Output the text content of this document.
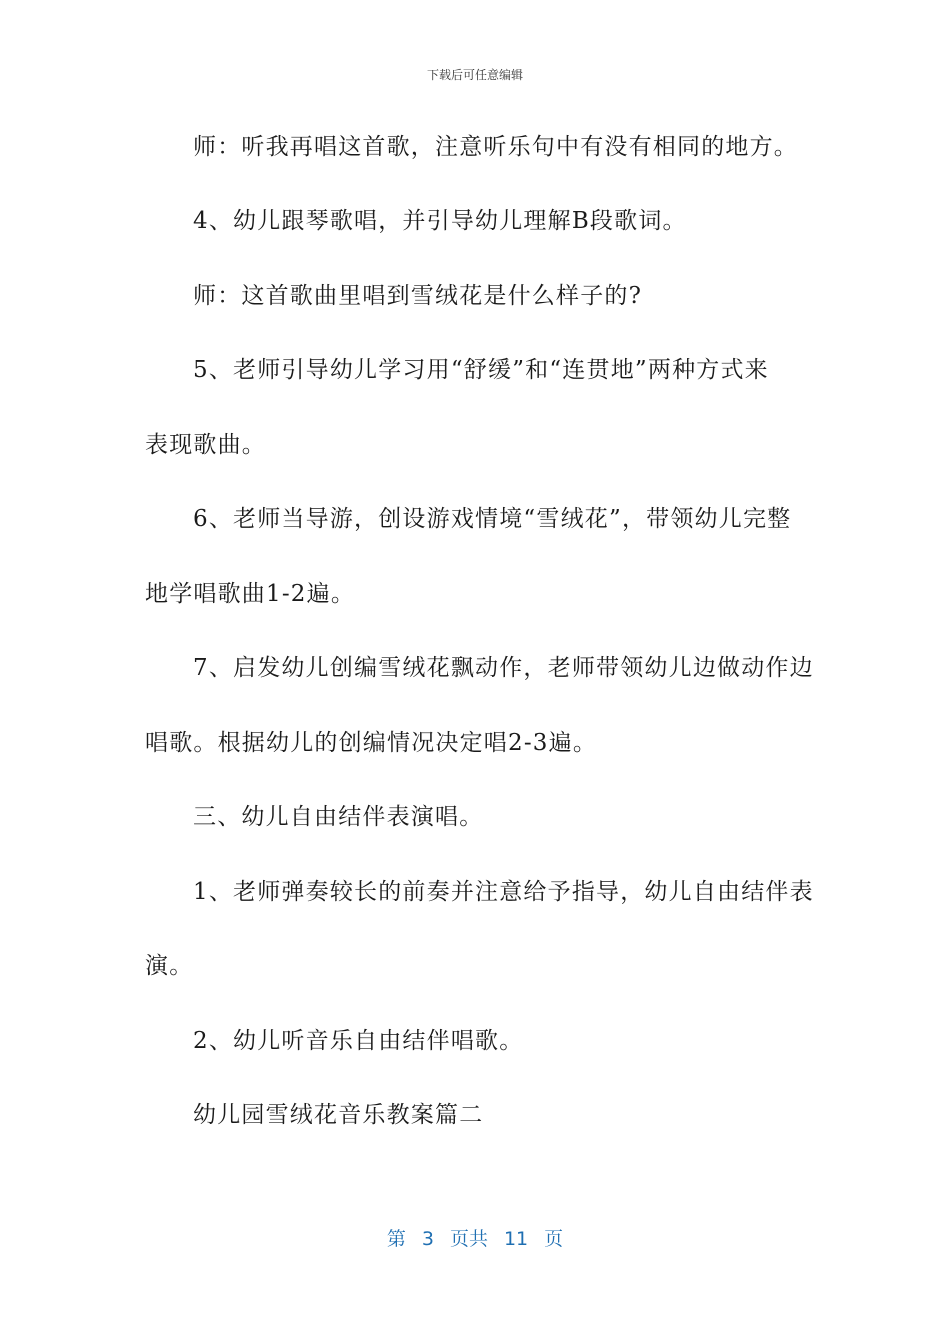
下载后可任意编辑
师：听我再唱这首歌，注意听乐句中有没有相同的地方。
4、幼儿跟琴歌唱，并引导幼儿理解B段歌词。
师：这首歌曲里唱到雪绒花是什么样子的?
5、老师引导幼儿学习用“舒缓”和“连贯地”两种方式来
表现歌曲。
6、老师当导游，创设游戏情境“雪绒花”，带领幼儿完整
地学唱歌曲1-2遍。
7、启发幼儿创编雪绒花飘动作，老师带领幼儿边做动作边
唱歌。根据幼儿的创编情况决定唱2-3遍。
三、幼儿自由结伴表演唱。
1、老师弹奏较长的前奏并注意给予指导，幼儿自由结伴表
演。
2、幼儿听音乐自由结伴唱歌。
幼儿园雪绒花音乐教案篇二
第 3 页共 11 页
